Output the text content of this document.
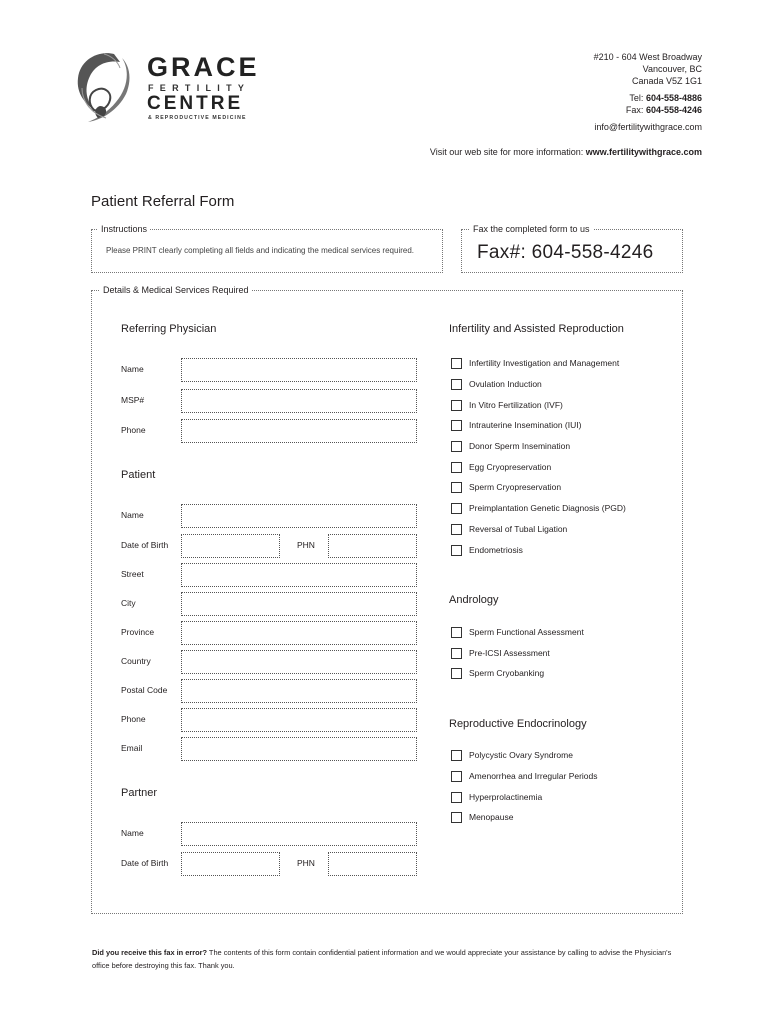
GRACE
FERTILITY
CENTRE
& REPRODUCTIVE MEDICINE
#210 - 604 West Broadway
Vancouver, BC
Canada V5Z 1G1
Tel: 604-558-4886
Fax: 604-558-4246
info@fertilitywithgrace.com
Visit our web site for more information: www.fertilitywithgrace.com
Patient Referral Form
Instructions
Please PRINT clearly completing all fields and indicating the medical services required.
Fax the completed form to us
Fax#: 604-558-4246
Details & Medical Services Required
Referring Physician
Name
MSP#
Phone
Patient
Name
Date of Birth	PHN
Street
City
Province
Country
Postal Code
Phone
Email
Partner
Name
Date of Birth	PHN
Infertility and Assisted Reproduction
Infertility Investigation and Management
Ovulation Induction
In Vitro Fertilization (IVF)
Intrauterine Insemination (IUI)
Donor Sperm Insemination
Egg Cryopreservation
Sperm Cryopreservation
Preimplantation Genetic Diagnosis (PGD)
Reversal of Tubal Ligation
Endometriosis
Andrology
Sperm Functional Assessment
Pre-ICSI Assessment
Sperm Cryobanking
Reproductive Endocrinology
Polycystic Ovary Syndrome
Amenorrhea and Irregular Periods
Hyperprolactinemia
Menopause
Did you receive this fax in error? The contents of this form contain confidential patient information and we would appreciate your assistance by calling to advise the Physician's office before destroying this fax. Thank you.
